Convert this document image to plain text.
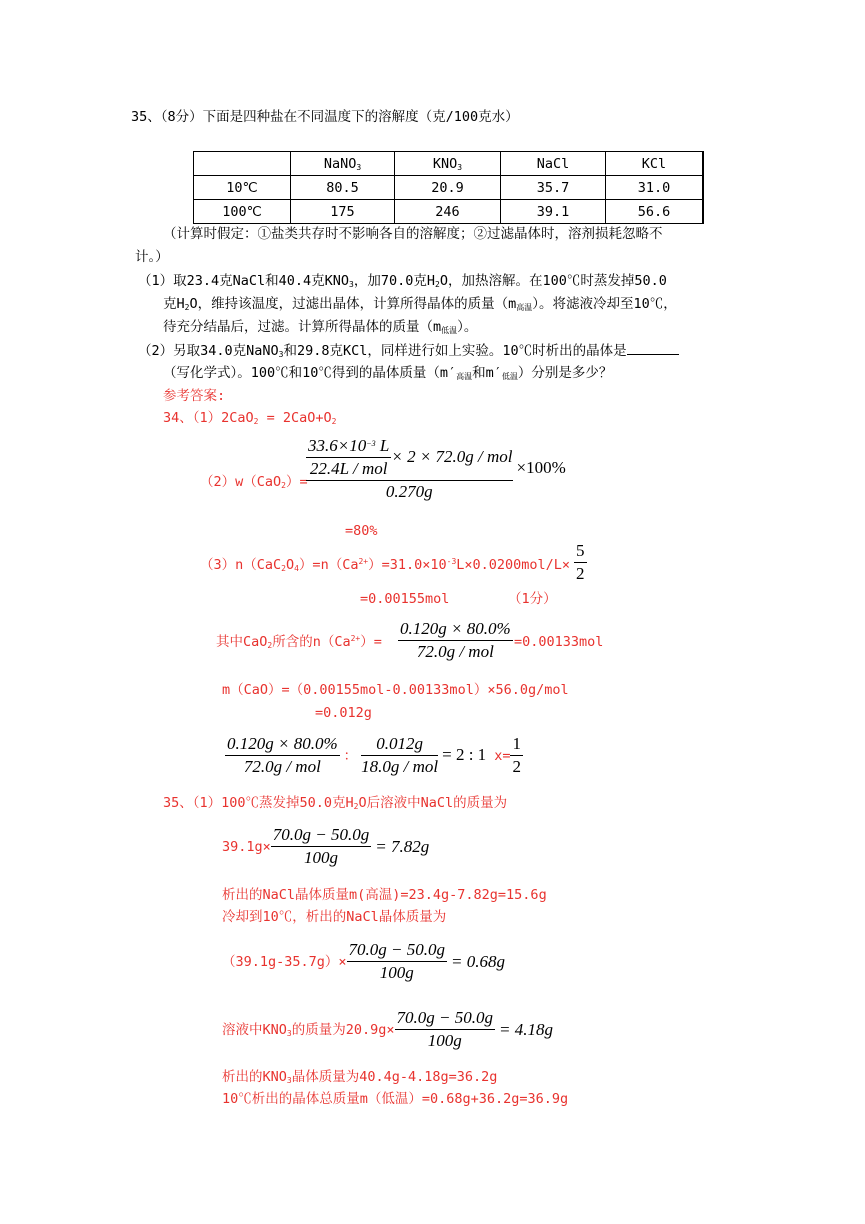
35、（8分）下面是四种盐在不同温度下的溶解度（克/100克水）
	NaNO$_3$	$KNO_3$	NaCl	KCl
10℃	80.5	20.9	35.7	31.0
100℃	175	246	39.1	56.6
（计算时假定：①盐类共存时不影响各自的溶解度；②过滤晶体时，溶剂损耗忽略不
计。）
（1）取23.4克NaCl和40.4克$KNO_3$，加70.0克$H_2O$，加热溶解。在100℃时蒸发掉50.0
克$H_2O$，维持该温度，过滤出晶体，计算所得晶体的质量$(m_{高温})$。将滤液冷却至10℃，
待充分结晶后，过滤。计算所得晶体的质量$(m_{低温})$。
（2）另取34.0克NaNO$_3$和29.8克KCl，同样进行如上实验。10℃时析出的晶体是
（写化学式）。100℃和10℃得到的晶体质量（$m'_{高温}$和$m'_{低温}$）分别是多少？
参考答案:
34、$(1)2CaO_2 = 2CaO+O_2$
（2）w（CaO$_2$）=
$\frac{\frac{33.6\times 10^{-3} L}{\text{22.4L / mol}} \times 2 \times 72.0g / mol}{0.270g} \times 100\%$
=80%
$(3)n(CaC_2O_4)=n(Ca^{2+})=31.0\times 10^{-3}L\times 0.0200mol/L\times \frac{5}{2}$
=0.00155mol	（1分）
其中CaO$_2$所含的$n(Ca^{2+})= \frac{0.120g \times 80.0\%}{\text{72.0g / mol}} =0.00133mol$
m（CaO）=（0.00155mol-0.00133mol）×56.0g/mol
=0.012g
$\frac{0.120g \times 80.0\%}{\text{72.0g / mol}}$ ： $\frac{0.012g}{\text{18.0g / mol}} = 2$ : 1 $x= \frac{1}{2}$
35、（1）100℃蒸发掉50.0克$H_2O$后溶液中NaCl的质量为
$39.1g\times \frac{70.0g - 50.0g}{100g} = 7.82g$
析出的NaCl晶体质量m(高温)=23.4g-7.82g=15.6g
冷却到10℃，析出的NaCl晶体质量为
$(39.1g-35.7g)\times \frac{70.0g - 50.0g}{100g} = 0.68g$
溶液中$KNO_3$的质量为$20.9g\times \frac{70.0g - 50.0g}{100g} = 4.18g$
析出的$KNO_3$晶体质量为40.4g-4.18g=36.2g
10℃析出的晶体总质量m（低温）=0.68g+36.2g=36.9g
